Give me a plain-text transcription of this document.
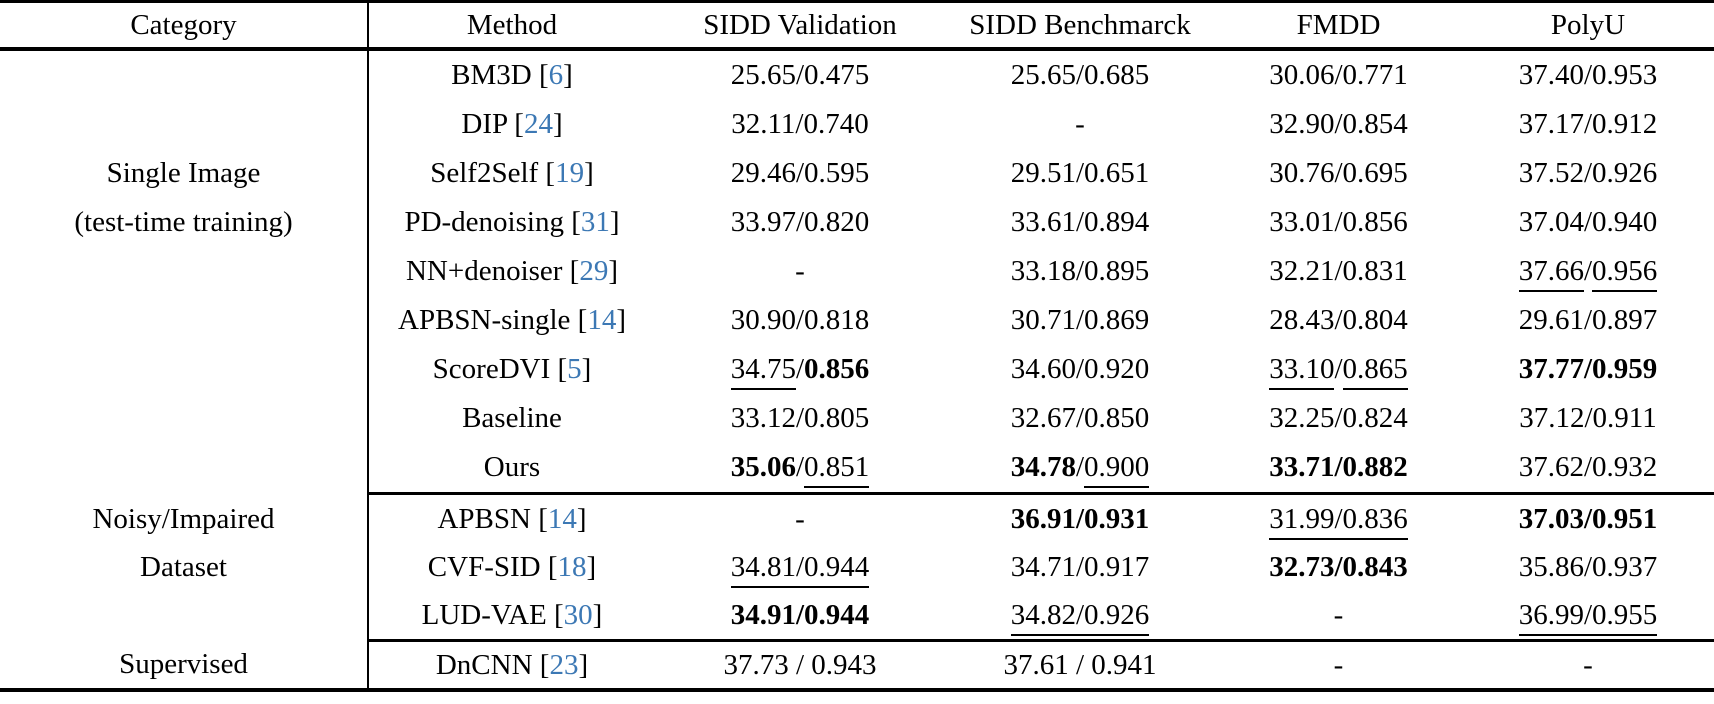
Category	Method	SIDD Validation	SIDD Benchmarck	FMDD	PolyU

Single Image
(test-time training)	BM3D [6]	25.65/0.475	25.65/0.685	30.06/0.771	37.40/0.953
	DIP [24]	32.11/0.740	-	32.90/0.854	37.17/0.912
	Self2Self [19]	29.46/0.595	29.51/0.651	30.76/0.695	37.52/0.926
	PD-denoising [31]	33.97/0.820	33.61/0.894	33.01/0.856	37.04/0.940
	NN+denoiser [29]	-	33.18/0.895	32.21/0.831	37.66/0.956
	APBSN-single [14]	30.90/0.818	30.71/0.869	28.43/0.804	29.61/0.897
	ScoreDVI [5]	34.75/0.856	34.60/0.920	33.10/0.865	37.77/0.959
	Baseline	33.12/0.805	32.67/0.850	32.25/0.824	37.12/0.911
	Ours	35.06/0.851	34.78/0.900	33.71/0.882	37.62/0.932

Noisy/Impaired
Dataset	APBSN [14]	-	36.91/0.931	31.99/0.836	37.03/0.951
	CVF-SID [18]	34.81/0.944	34.71/0.917	32.73/0.843	35.86/0.937
	LUD-VAE [30]	34.91/0.944	34.82/0.926	-	36.99/0.955

Supervised	DnCNN [23]	37.73 / 0.943	37.61 / 0.941	-	-
